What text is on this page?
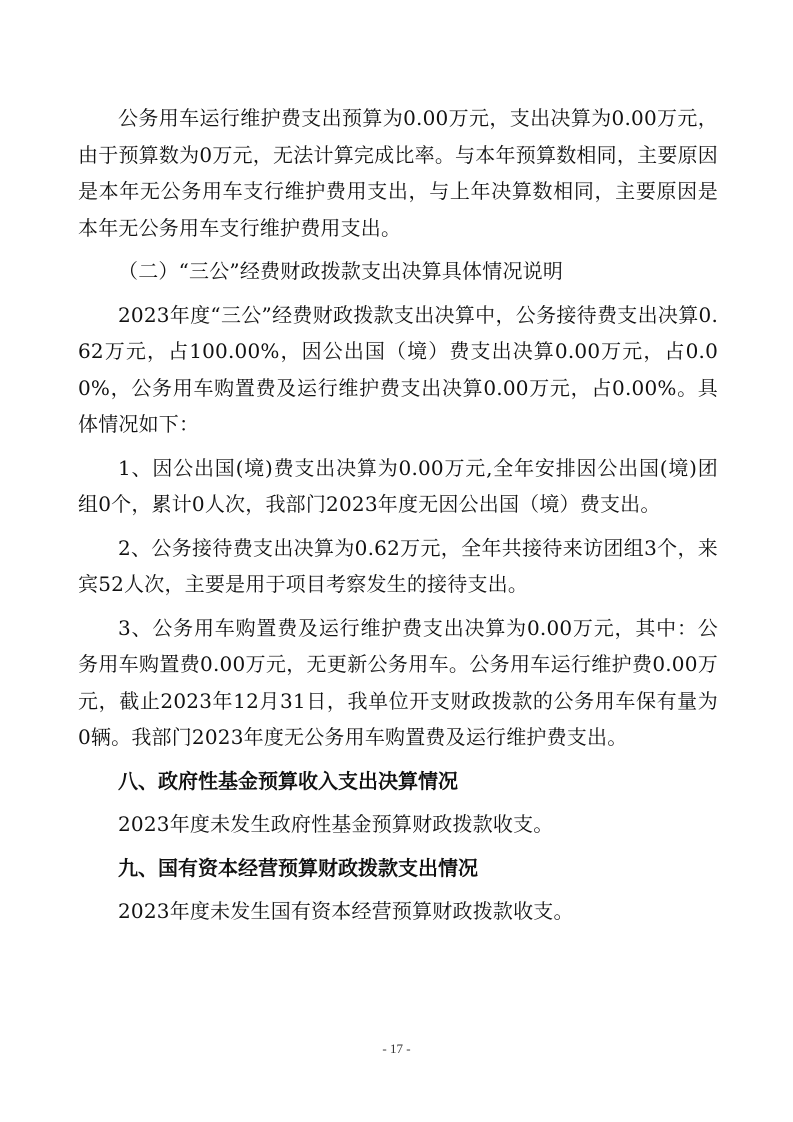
公务用车运行维护费支出预算为0.00万元，支出决算为0.00万元，由于预算数为0万元，无法计算完成比率。与本年预算数相同，主要原因是本年无公务用车支行维护费用支出，与上年决算数相同，主要原因是本年无公务用车支行维护费用支出。

（二）“三公”经费财政拨款支出决算具体情况说明

2023年度“三公”经费财政拨款支出决算中，公务接待费支出决算0.62万元，占100.00%，因公出国（境）费支出决算0.00万元，占0.00%，公务用车购置费及运行维护费支出决算0.00万元，占0.00%。具体情况如下：

1、因公出国(境)费支出决算为0.00万元,全年安排因公出国(境)团组0个，累计0人次，我部门2023年度无因公出国（境）费支出。

2、公务接待费支出决算为0.62万元，全年共接待来访团组3个，来宾52人次，主要是用于项目考察发生的接待支出。

3、公务用车购置费及运行维护费支出决算为0.00万元，其中：公务用车购置费0.00万元，无更新公务用车。公务用车运行维护费0.00万元，截止2023年12月31日，我单位开支财政拨款的公务用车保有量为0辆。我部门2023年度无公务用车购置费及运行维护费支出。

八、政府性基金预算收入支出决算情况

2023年度未发生政府性基金预算财政拨款收支。

九、国有资本经营预算财政拨款支出情况

2023年度未发生国有资本经营预算财政拨款收支。

- 17 -
